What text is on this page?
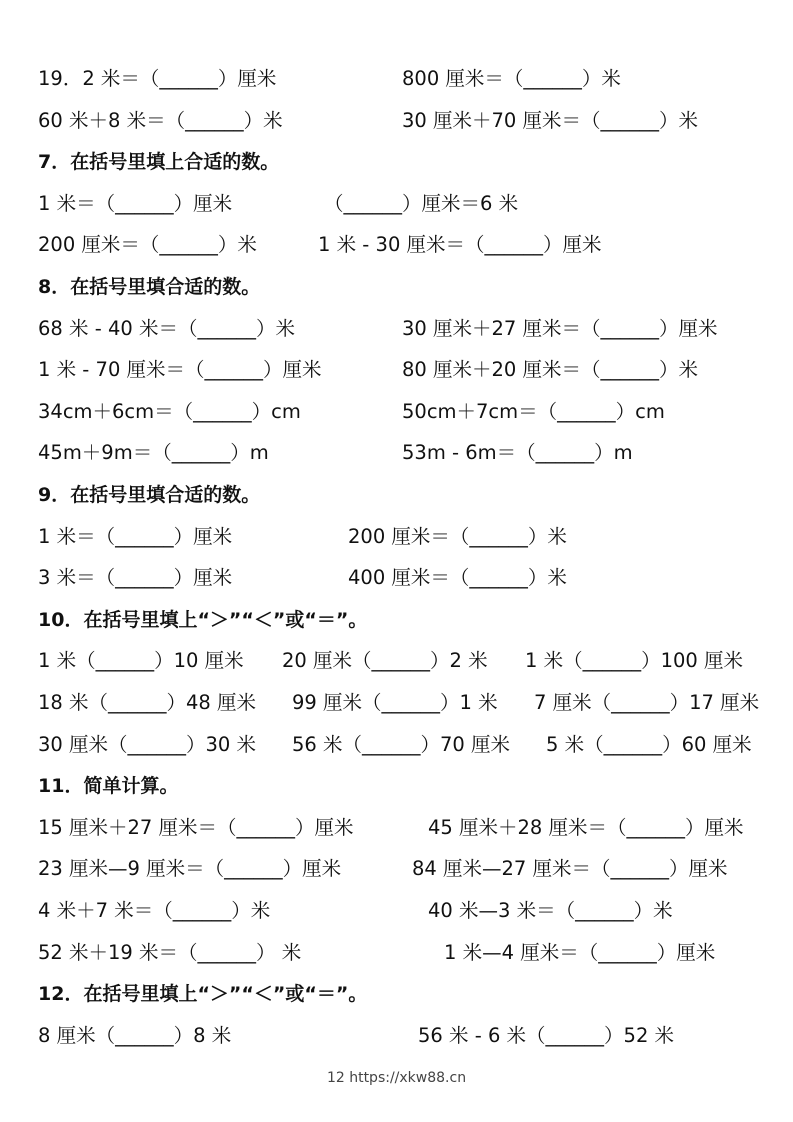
19．2 米＝（______）厘米	800 厘米＝（______）米
60 米＋8 米＝（______）米	30 厘米＋70 厘米＝（______）米
7．在括号里填上合适的数。
1 米＝（______）厘米	（______）厘米＝6 米
200 厘米＝（______）米	1 米 - 30 厘米＝（______）厘米
8．在括号里填合适的数。
68 米 - 40 米＝（______）米	30 厘米＋27 厘米＝（______）厘米
1 米 - 70 厘米＝（______）厘米	80 厘米＋20 厘米＝（______）米
34cm＋6cm＝（______）cm	50cm＋7cm＝（______）cm
45m＋9m＝（______）m	53m - 6m＝（______）m
9．在括号里填合适的数。
1 米＝（______）厘米	200 厘米＝（______）米
3 米＝（______）厘米	400 厘米＝（______）米
10．在括号里填上“＞”“＜”或“＝”。
1 米（______）10 厘米 20 厘米（______）2 米 1 米（______）100 厘米
18 米（______）48 厘米 99 厘米（______）1 米 7 厘米（______）17 厘米
30 厘米（______）30 米 56 米（______）70 厘米 5 米（______）60 厘米
11．简单计算。
15 厘米＋27 厘米＝（______）厘米	45 厘米＋28 厘米＝（______）厘米
23 厘米—9 厘米＝（______）厘米	84 厘米—27 厘米＝（______）厘米
4 米＋7 米＝（______）米	40 米—3 米＝（______）米
52 米＋19 米＝（______） 米	1 米—4 厘米＝（______）厘米
12．在括号里填上“＞”“＜”或“＝”。
8 厘米（______）8 米	56 米 - 6 米（______）52 米
12 https://xkw88.cn
